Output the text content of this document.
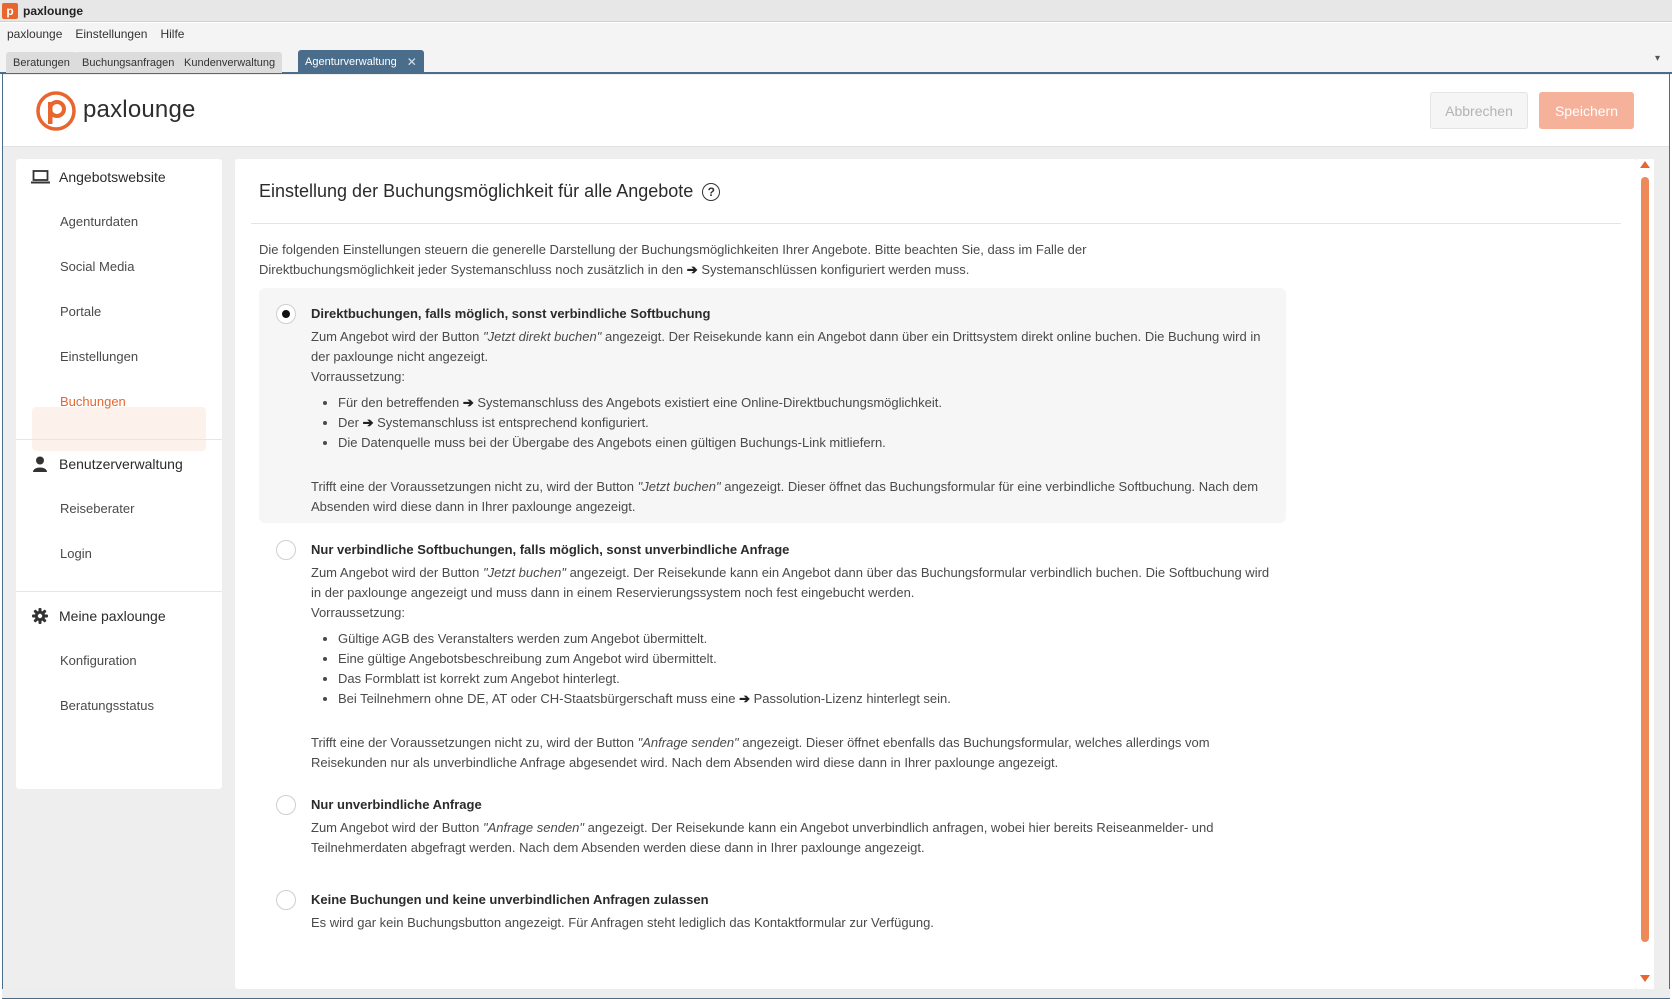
p paxlounge
paxlounge Einstellungen Hilfe
Beratungen Buchungsanfragen Kundenverwaltung	Agenturverwaltung ✕	▾
paxlounge	Abbrechen	Speichern
Angebotswebsite
Agenturdaten
Social Media
Portale
Einstellungen
Buchungen
Benutzerverwaltung
Reiseberater
Login
Meine paxlounge
Konfiguration
Beratungsstatus
Einstellung der Buchungsmöglichkeit für alle Angebote	?
Die folgenden Einstellungen steuern die generelle Darstellung der Buchungsmöglichkeiten Ihrer Angebote. Bitte beachten Sie, dass im Falle der Direktbuchungsmöglichkeit jeder Systemanschluss noch zusätzlich in den ➔ Systemanschlüssen konfiguriert werden muss.
Direktbuchungen, falls möglich, sonst verbindliche Softbuchung
Zum Angebot wird der Button "Jetzt direkt buchen" angezeigt. Der Reisekunde kann ein Angebot dann über ein Drittsystem direkt online buchen. Die Buchung wird in der paxlounge nicht angezeigt.
Vorraussetzung:
• Für den betreffenden ➔ Systemanschluss des Angebots existiert eine Online-Direktbuchungsmöglichkeit.
• Der ➔ Systemanschluss ist entsprechend konfiguriert.
• Die Datenquelle muss bei der Übergabe des Angebots einen gültigen Buchungs-Link mitliefern.
Trifft eine der Voraussetzungen nicht zu, wird der Button "Jetzt buchen" angezeigt. Dieser öffnet das Buchungsformular für eine verbindliche Softbuchung. Nach dem Absenden wird diese dann in Ihrer paxlounge angezeigt.
Nur verbindliche Softbuchungen, falls möglich, sonst unverbindliche Anfrage
Zum Angebot wird der Button "Jetzt buchen" angezeigt. Der Reisekunde kann ein Angebot dann über das Buchungsformular verbindlich buchen. Die Softbuchung wird in der paxlounge angezeigt und muss dann in einem Reservierungssystem noch fest eingebucht werden.
Vorraussetzung:
• Gültige AGB des Veranstalters werden zum Angebot übermittelt.
• Eine gültige Angebotsbeschreibung zum Angebot wird übermittelt.
• Das Formblatt ist korrekt zum Angebot hinterlegt.
• Bei Teilnehmern ohne DE, AT oder CH-Staatsbürgerschaft muss eine ➔ Passolution-Lizenz hinterlegt sein.
Trifft eine der Voraussetzungen nicht zu, wird der Button "Anfrage senden" angezeigt. Dieser öffnet ebenfalls das Buchungsformular, welches allerdings vom Reisekunden nur als unverbindliche Anfrage abgesendet wird. Nach dem Absenden wird diese dann in Ihrer paxlounge angezeigt.
Nur unverbindliche Anfrage
Zum Angebot wird der Button "Anfrage senden" angezeigt. Der Reisekunde kann ein Angebot unverbindlich anfragen, wobei hier bereits Reiseanmelder- und Teilnehmerdaten abgefragt werden. Nach dem Absenden werden diese dann in Ihrer paxlounge angezeigt.
Keine Buchungen und keine unverbindlichen Anfragen zulassen
Es wird gar kein Buchungsbutton angezeigt. Für Anfragen steht lediglich das Kontaktformular zur Verfügung.
